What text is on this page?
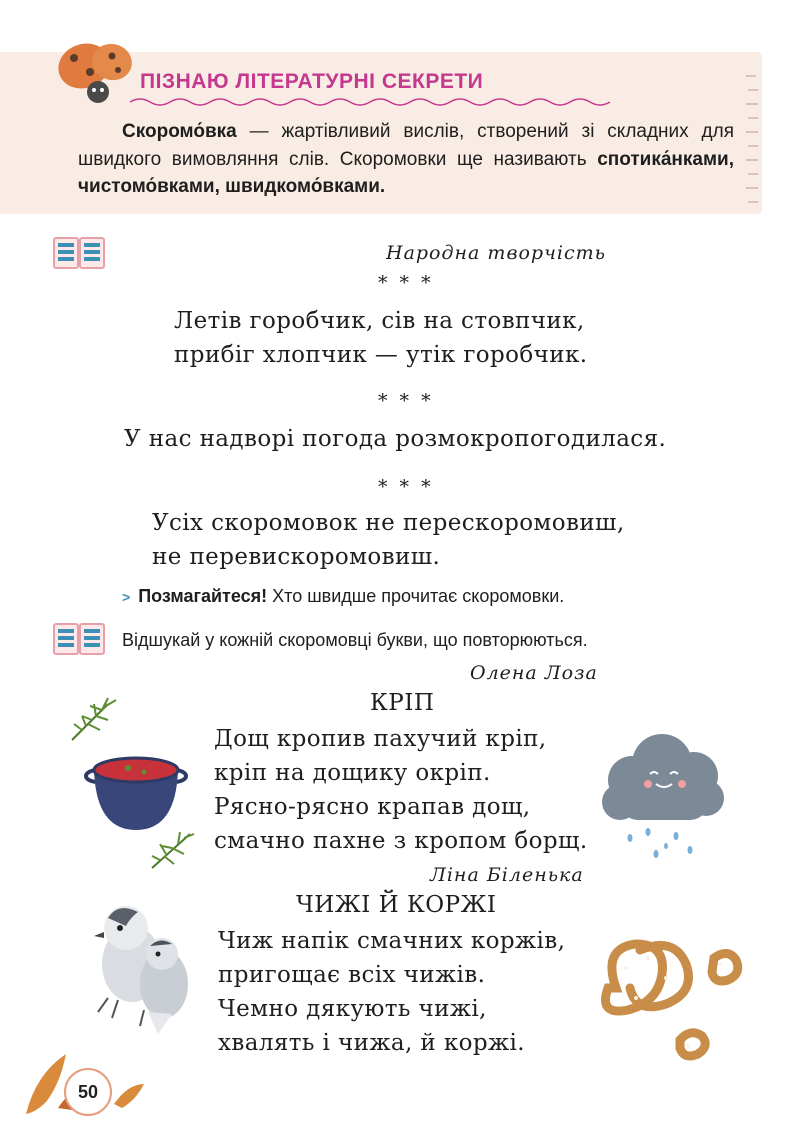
ПІЗНАЮ ЛІТЕРАТУРНІ СЕКРЕТИ
Скоромо́вка — жартівливий вислів, створений зі складних для швидкого вимовляння слів. Скоромовки ще називають спотика́нками, чистомо́вками, швидкомо́вками.
Народна творчість
* * *
Летів горобчик, сів на стовпчик,
прибіг хлопчик — утік горобчик.
* * *
У нас надворі погода розмокропогодилася.
* * *
Усіх скоромовок не перескоромовиш,
не перевискоромовиш.
> Позмагайтеся! Хто швидше прочитає скоромовки.
Відшукай у кожній скоромовці букви, що повторюються.
Олена Лоза
КРІП
Дощ кропив пахучий кріп,
кріп на дощику окріп.
Рясно-рясно крапав дощ,
смачно пахне з кропом борщ.
Ліна Біленька
ЧИЖІ Й КОРЖІ
Чиж напік смачних коржів,
пригощає всіх чижів.
Чемно дякують чижі,
хвалять і чижа, й коржі.
50
